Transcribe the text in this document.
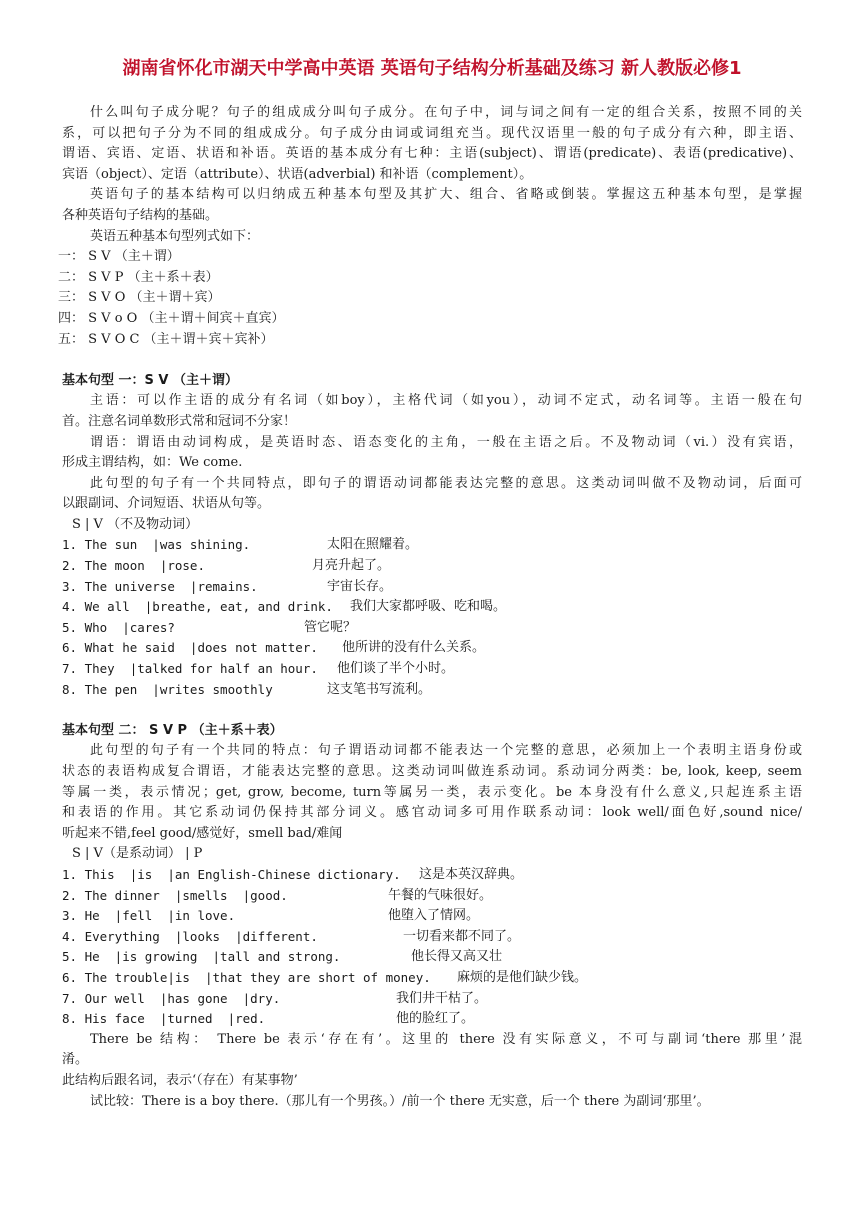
湖南省怀化市湖天中学高中英语 英语句子结构分析基础及练习 新人教版必修1
什么叫句子成分呢？句子的组成成分叫句子成分。在句子中，词与词之间有一定的组合关系，按照不同的关
系，可以把句子分为不同的组成成分。句子成分由词或词组充当。现代汉语里一般的句子成分有六种，即主语、
谓语、宾语、定语、状语和补语。英语的基本成分有七种：主语(subject)、谓语(predicate)、表语(predicative)、
宾语（object）、定语（attribute）、状语(adverbial) 和补语（complement）。
英语句子的基本结构可以归纳成五种基本句型及其扩大、组合、省略或倒装。掌握这五种基本句型，是掌握
各种英语句子结构的基础。
英语五种基本句型列式如下：
一： S V （主＋谓）
二： S V P （主＋系＋表）
三： S V O （主＋谓＋宾）
四： S V o O （主＋谓＋间宾＋直宾）
五： S V O C （主＋谓＋宾＋宾补）
基本句型 一：S V （主＋谓）
主语：可以作主语的成分有名词（如boy），主格代词（如you），动词不定式，动名词等。主语一般在句
首。注意名词单数形式常和冠词不分家！
谓语：谓语由动词构成，是英语时态、语态变化的主角，一般在主语之后。不及物动词（vi.）没有宾语，
形成主谓结构，如：We come.
此句型的句子有一个共同特点，即句子的谓语动词都能表达完整的意思。这类动词叫做不及物动词，后面可
以跟副词、介词短语、状语从句等。
S | V （不及物动词）
1. The sun  |was shining.	太阳在照耀着。
2. The moon  |rose.	月亮升起了。
3. The universe  |remains.	宇宙长存。
4. We all  |breathe, eat, and drink.	我们大家都呼吸、吃和喝。
5. Who  |cares?	管它呢？
6. What he said  |does not matter.	他所讲的没有什么关系。
7. They  |talked for half an hour.	他们谈了半个小时。
8. The pen  |writes smoothly	这支笔书写流利。
基本句型 二： S V P （主＋系＋表）
此句型的句子有一个共同的特点：句子谓语动词都不能表达一个完整的意思，必须加上一个表明主语身份或
状态的表语构成复合谓语，才能表达完整的意思。这类动词叫做连系动词。系动词分两类：be, look, keep, seem
等属一类，表示情况；get, grow, become, turn等属另一类，表示变化。be 本身没有什么意义,只起连系主语
和表语的作用。其它系动词仍保持其部分词义。感官动词多可用作联系动词：look well/面色好,sound nice/
听起来不错,feel good/感觉好，smell bad/难闻
S | V（是系动词） | P
1. This  |is  |an English-Chinese dictionary.	这是本英汉辞典。
2. The dinner  |smells  |good.	午餐的气味很好。
3. He  |fell  |in love.	他堕入了情网。
4. Everything  |looks  |different.	一切看来都不同了。
5. He  |is growing  |tall and strong.	他长得又高又壮
6. The trouble|is  |that they are short of money.	麻烦的是他们缺少钱。
7. Our well  |has gone  |dry.	我们井干枯了。
8. His face  |turned  |red.	他的脸红了。
There be 结构： There be 表示‘存在有’。这里的 there 没有实际意义，不可与副词‘there 那里’混
淆。
此结构后跟名词，表示‘（存在）有某事物’
试比较：There is a boy there.（那儿有一个男孩。）/前一个 there 无实意，后一个 there 为副词‘那里’。
